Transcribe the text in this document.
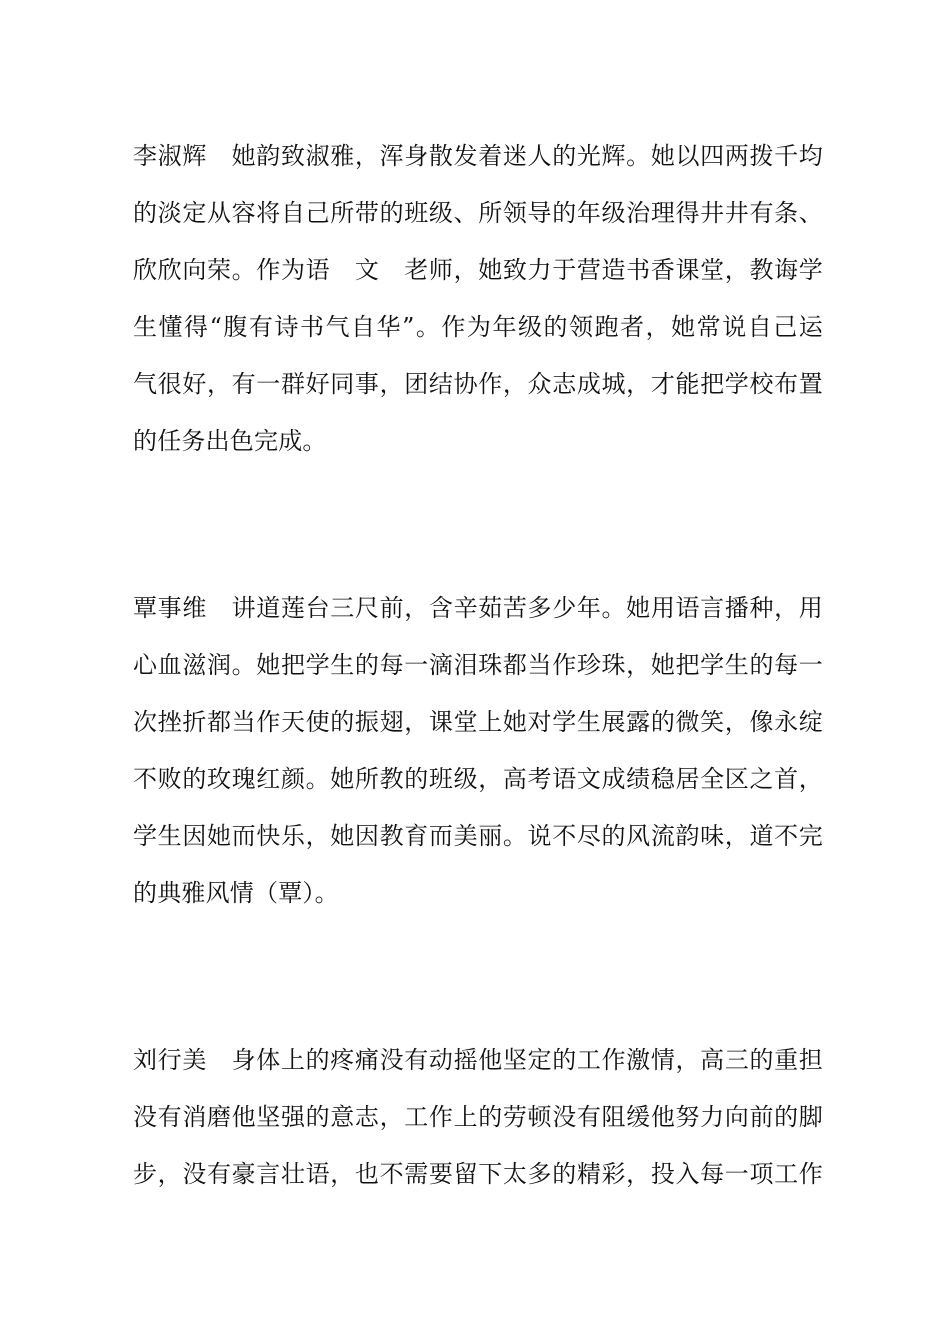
李淑辉　她韵致淑雅，浑身散发着迷人的光辉。她以四两拨千均
的淡定从容将自己所带的班级、所领导的年级治理得井井有条、
欣欣向荣。作为语　文　老师，她致力于营造书香课堂，教诲学
生懂得“腹有诗书气自华”。作为年级的领跑者，她常说自己运
气很好，有一群好同事，团结协作，众志成城，才能把学校布置
的任务出色完成。
覃事维　讲道莲台三尺前，含辛茹苦多少年。她用语言播种，用
心血滋润。她把学生的每一滴泪珠都当作珍珠，她把学生的每一
次挫折都当作天使的振翅，课堂上她对学生展露的微笑，像永绽
不败的玫瑰红颜。她所教的班级，高考语文成绩稳居全区之首，
学生因她而快乐，她因教育而美丽。说不尽的风流韵味，道不完
的典雅风情（覃）。
刘行美　身体上的疼痛没有动摇他坚定的工作激情，高三的重担
没有消磨他坚强的意志，工作上的劳顿没有阻缓他努力向前的脚
步，没有豪言壮语，也不需要留下太多的精彩，投入每一项工作
